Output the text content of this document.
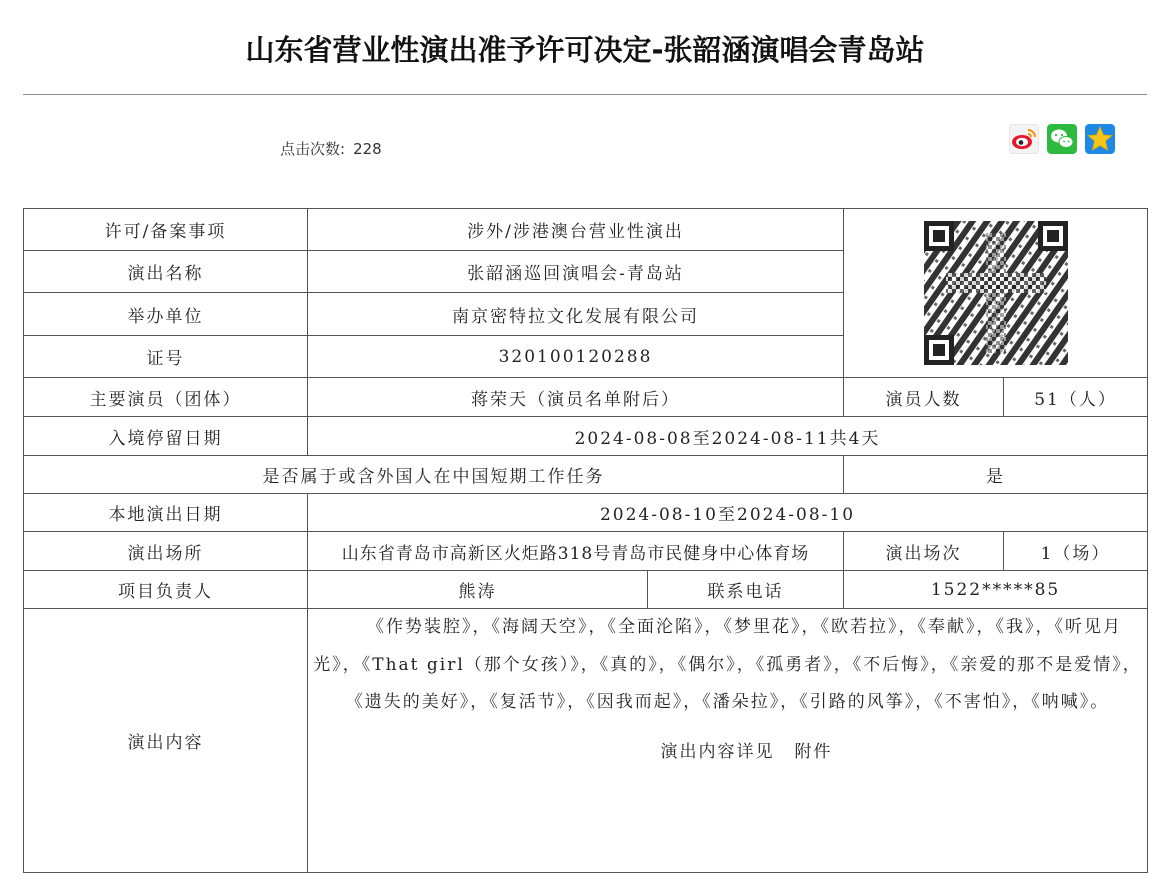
山东省营业性演出准予许可决定-张韶涵演唱会青岛站
点击次数: 228
许可/备案事项	涉外/涉港澳台营业性演出	

演出名称	张韶涵巡回演唱会-青岛站			
举办单位	南京密特拉文化发展有限公司			
证号	320100120288			
主要演员（团体）	蒋荣天（演员名单附后）		演员人数	51（人）
入境停留日期	2024-08-08至2024-08-11共4天			
是否属于或含外国人在中国短期工作任务			是	
本地演出日期	2024-08-10至2024-08-10			
演出场所	山东省青岛市高新区火炬路318号青岛市民健身中心体育场		演出场次	1（场）
项目负责人	熊涛	联系电话	1522*****85	
演出内容	《作势装腔》，《海阔天空》，《全面沦陷》，《梦里花》，《欧若拉》，《奉献》，《我》，《听见月光》，《That girl（那个女孩）》，《真的》，《偶尔》，《孤勇者》，《不后悔》，《亲爱的那不是爱情》，《遗失的美好》，《复活节》，《因我而起》，《潘朵拉》，《引路的风筝》，《不害怕》，《呐喊》。

演出内容详见 附件			
